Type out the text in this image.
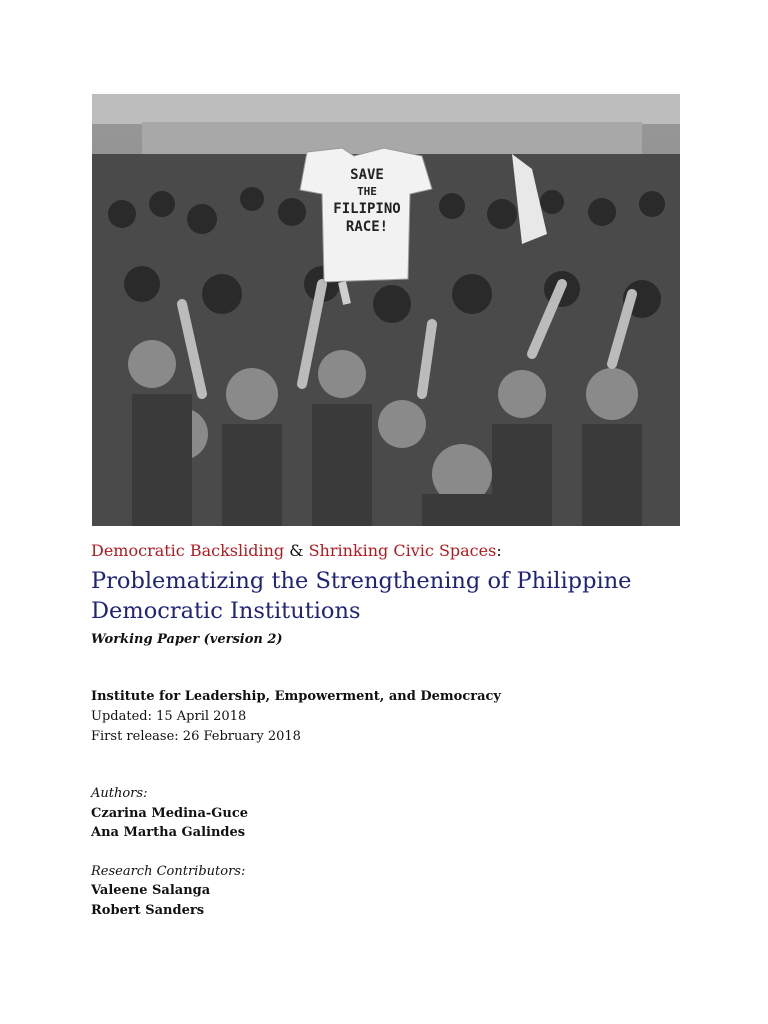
SAVE
THE
FILIPINO
RACE!
Democratic Backsliding & Shrinking Civic Spaces:
Problematizing the Strengthening of Philippine
Democratic Institutions
Working Paper (version 2)
Institute for Leadership, Empowerment, and Democracy
Updated: 15 April 2018
First release: 26 February 2018
Authors:
Czarina Medina-Guce
Ana Martha Galindes
Research Contributors:
Valeene Salanga
Robert Sanders
